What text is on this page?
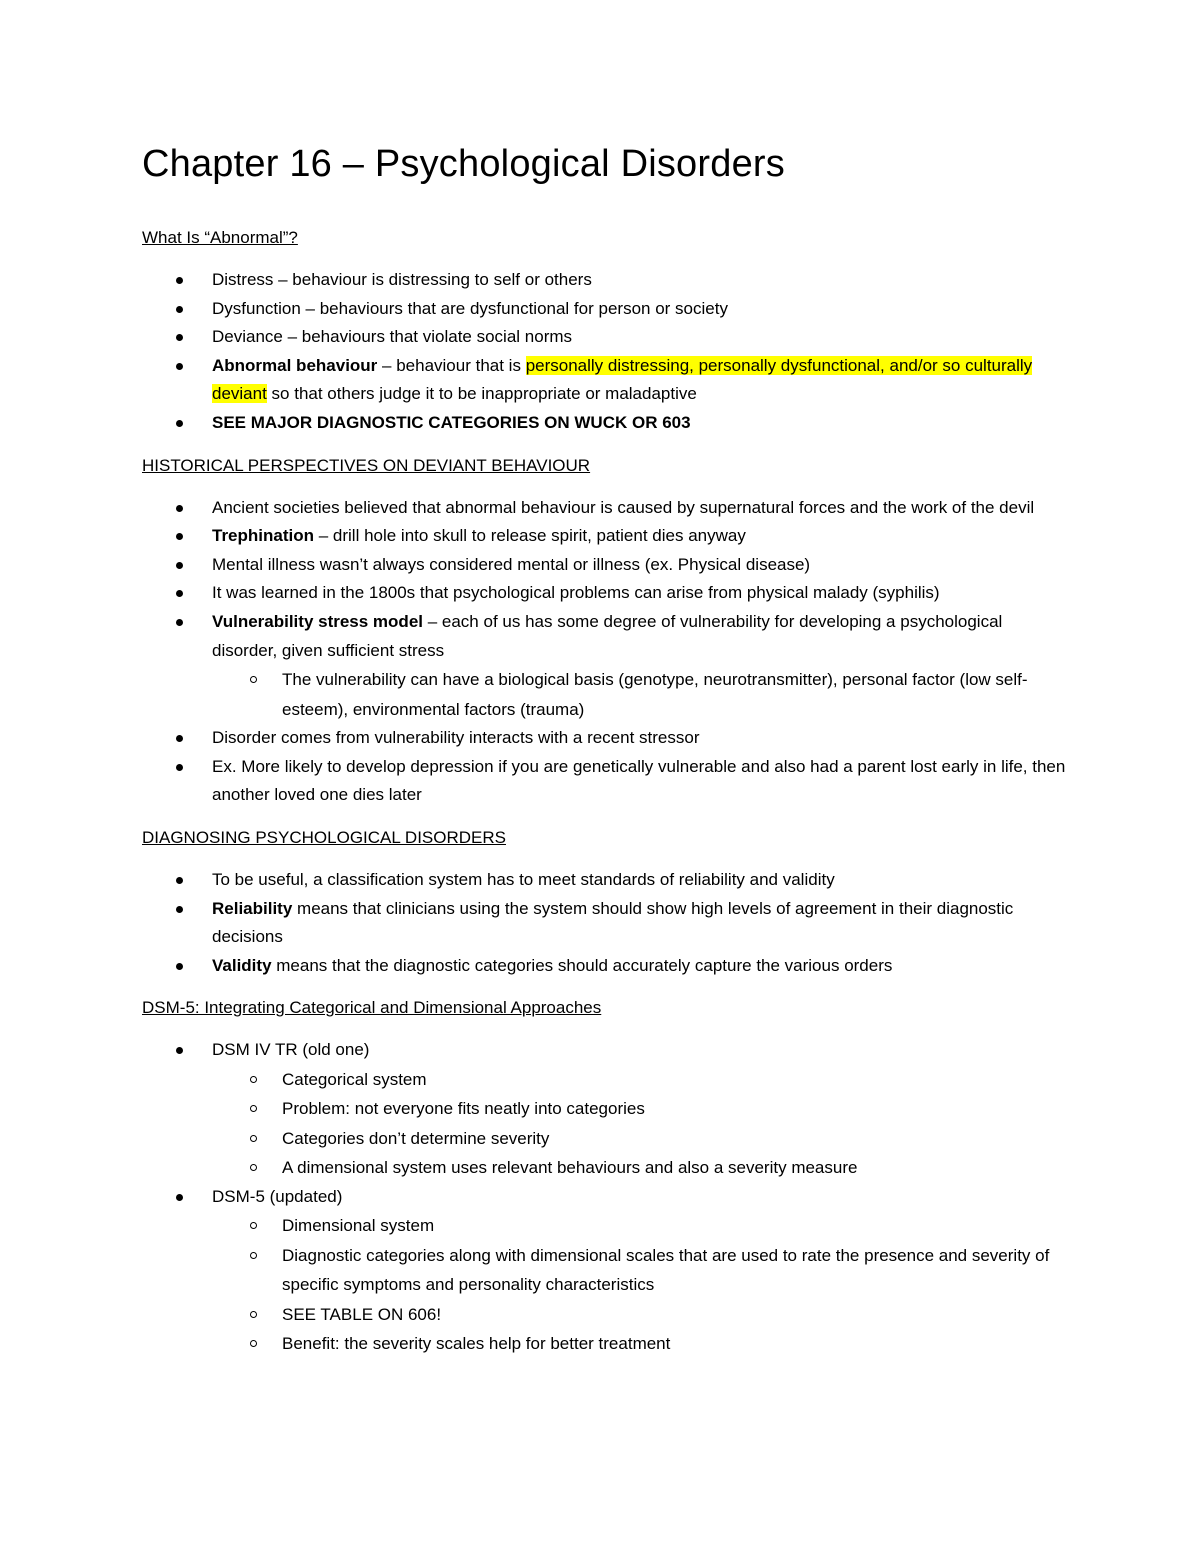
Chapter 16 – Psychological Disorders
What Is “Abnormal”?
Distress – behaviour is distressing to self or others
Dysfunction – behaviours that are dysfunctional for person or society
Deviance – behaviours that violate social norms
Abnormal behaviour – behaviour that is personally distressing, personally dysfunctional, and/or so culturally deviant so that others judge it to be inappropriate or maladaptive
SEE MAJOR DIAGNOSTIC CATEGORIES ON WUCK OR 603
HISTORICAL PERSPECTIVES ON DEVIANT BEHAVIOUR
Ancient societies believed that abnormal behaviour is caused by supernatural forces and the work of the devil
Trephination – drill hole into skull to release spirit, patient dies anyway
Mental illness wasn’t always considered mental or illness (ex. Physical disease)
It was learned in the 1800s that psychological problems can arise from physical malady (syphilis)
Vulnerability stress model – each of us has some degree of vulnerability for developing a psychological disorder, given sufficient stress
The vulnerability can have a biological basis (genotype, neurotransmitter), personal factor (low self-esteem), environmental factors (trauma)
Disorder comes from vulnerability interacts with a recent stressor
Ex. More likely to develop depression if you are genetically vulnerable and also had a parent lost early in life, then another loved one dies later
DIAGNOSING PSYCHOLOGICAL DISORDERS
To be useful, a classification system has to meet standards of reliability and validity
Reliability means that clinicians using the system should show high levels of agreement in their diagnostic decisions
Validity means that the diagnostic categories should accurately capture the various orders
DSM-5: Integrating Categorical and Dimensional Approaches
DSM IV TR (old one)
Categorical system
Problem: not everyone fits neatly into categories
Categories don’t determine severity
A dimensional system uses relevant behaviours and also a severity measure
DSM-5 (updated)
Dimensional system
Diagnostic categories along with dimensional scales that are used to rate the presence and severity of specific symptoms and personality characteristics
SEE TABLE ON 606!
Benefit: the severity scales help for better treatment
